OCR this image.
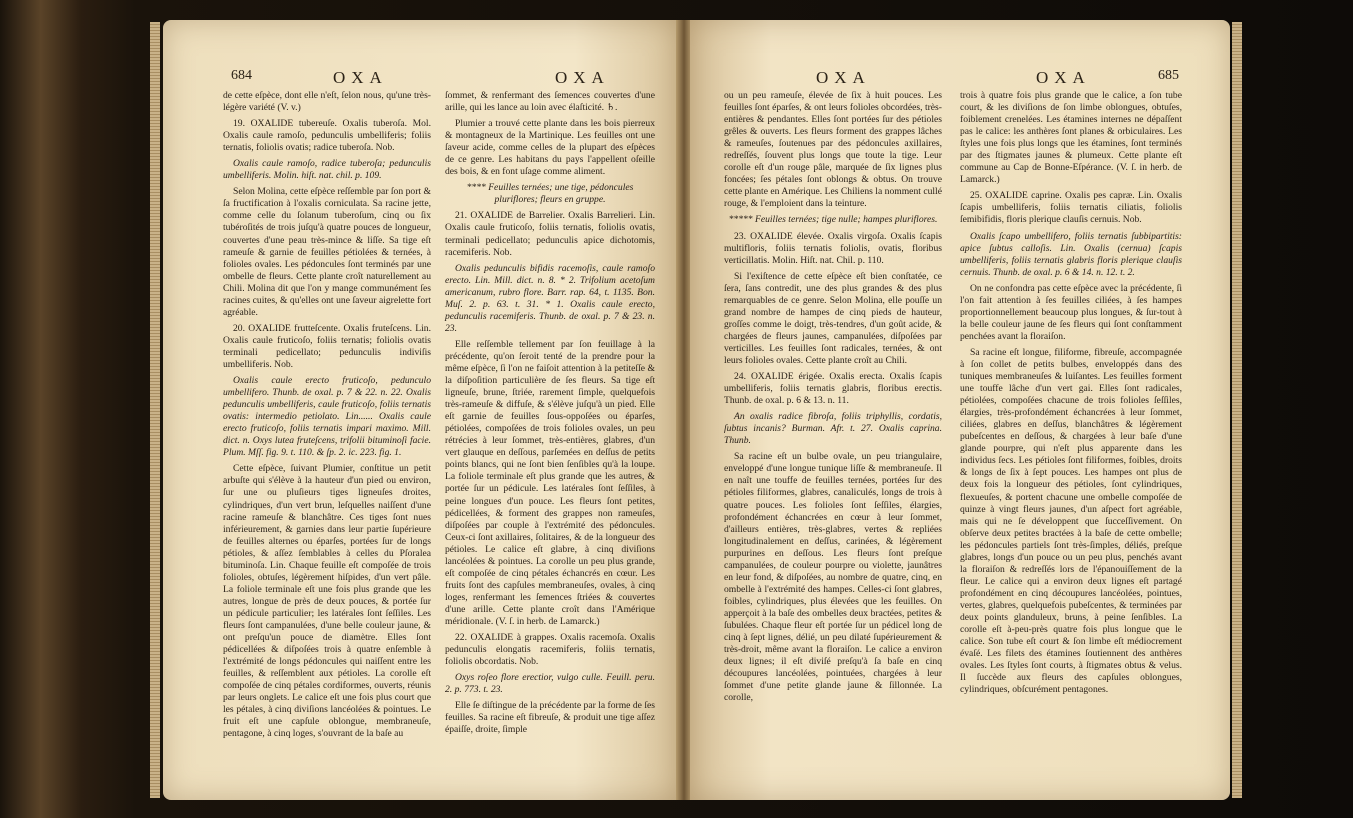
684	OXA	OXA

de cette eſpèce, dont elle n'eſt, ſelon nous, qu'une très-légère variété (V. v.)

19. OXALIDE tubereuſe. Oxalis tuberoſa. Mol. Oxalis caule ramoſo, pedunculis umbelliferis; foliis ternatis, foliolis ovatis; radice tuberoſa. Nob.

Oxalis caule ramoſo, radice tuberoſa; pedunculis umbelliferis. Molin. hiſt. nat. chil. p. 109.

Selon Molina, cette eſpèce reſſemble par ſon port & ſa fructification à l'oxalis corniculata. Sa racine jette, comme celle du ſolanum tuberoſum, cinq ou ſix tubéroſités de trois juſqu'à quatre pouces de longueur, couvertes d'une peau très-mince & liſſe. Sa tige eſt rameuſe & garnie de feuilles pétiolées & ternées, à folioles ovales. Les pédoncules ſont terminés par une ombelle de fleurs. Cette plante croît naturellement au Chili. Molina dit que l'on y mange communément ſes racines cuites, & qu'elles ont une ſaveur aigrelette fort agréable.

20. OXALIDE frutteſcente. Oxalis fruteſcens. Lin. Oxalis caule fruticoſo, foliis ternatis; foliolis ovatis terminali pedicellato; pedunculis indiviſis umbelliferis. Nob.

Oxalis caule erecto fruticoſo, pedunculo umbellifero. Thunb. de oxal. p. 7 & 22. n. 22. Oxalis pedunculis umbelliferis, caule fruticoſo, foliis ternatis ovatis: intermedio petiolato. Lin...... Oxalis caule erecto fruticoſo, foliis ternatis impari maximo. Mill. dict. n. Oxys lutea fruteſcens, trifolii bituminoſi facie. Plum. Mſſ. fig. 9. t. 110. & ſp. 2. ic. 223. fig. 1.

Cette eſpèce, ſuivant Plumier, conſtitue un petit arbuſte qui s'élève à la hauteur d'un pied ou environ, ſur une ou pluſieurs tiges ligneuſes droites, cylindriques, d'un vert brun, leſquelles naiſſent d'une racine rameuſe & blanchâtre. Ces tiges ſont nues inférieurement, & garnies dans leur partie ſupérieure de feuilles alternes ou éparſes, portées ſur de longs pétioles, & aſſez ſemblables à celles du Pſoralea bituminoſa. Lin. Chaque feuille eſt compoſée de trois folioles, obtuſes, légèrement hiſpides, d'un vert pâle. La foliole terminale eſt une fois plus grande que les autres, longue de près de deux pouces, & portée ſur un pédicule particulier; les latérales ſont ſeſſiles. Les fleurs ſont campanulées, d'une belle couleur jaune, & ont preſqu'un pouce de diamètre. Elles ſont pédicellées & diſpoſées trois à quatre enſemble à l'extrémité de longs pédoncules qui naiſſent entre les feuilles, & reſſemblent aux pétioles. La corolle eſt compoſée de cinq pétales cordiformes, ouverts, réunis par leurs onglets. Le calice eſt une fois plus court que les pétales, à cinq diviſions lancéolées & pointues. Le fruit eſt une capſule oblongue, membraneuſe, pentagone, à cinq loges, s'ouvrant de la baſe au

ſommet, & renfermant des ſemences couvertes d'une arille, qui les lance au loin avec élaſticité. ♄.

Plumier a trouvé cette plante dans les bois pierreux & montagneux de la Martinique. Les feuilles ont une ſaveur acide, comme celles de la plupart des eſpèces de ce genre. Les habitans du pays l'appellent oſeille des bois, & en font uſage comme aliment.

**** Feuilles ternées; une tige, pédoncules pluriflores; fleurs en gruppe.

21. OXALIDE de Barrelier. Oxalis Barrelieri. Lin. Oxalis caule fruticoſo, foliis ternatis, foliolis ovatis, terminali pedicellato; pedunculis apice dichotomis, racemiferis. Nob.

Oxalis pedunculis bifidis racemoſis, caule ramoſo erecto. Lin. Mill. dict. n. 8. * 2. Trifolium acetoſum americanum, rubro flore. Barr. rap. 64, t. 1135. Bon. Muſ. 2. p. 63. t. 31. * 1. Oxalis caule erecto, pedunculis racemiferis. Thunb. de oxal. p. 7 & 23. n. 23.

Elle reſſemble tellement par ſon feuillage à la précédente, qu'on ſeroit tenté de la prendre pour la même eſpèce, ſi l'on ne faiſoit attention à la petiteſſe & la diſpoſition particulière de ſes fleurs. Sa tige eſt ligneuſe, brune, ſtriée, rarement ſimple, quelquefois très-rameuſe & diffuſe, & s'élève juſqu'à un pied. Elle eſt garnie de feuilles ſous-oppoſées ou éparſes, pétiolées, compoſées de trois folioles ovales, un peu rétrécies à leur ſommet, très-entières, glabres, d'un vert glauque en deſſous, parſemées en deſſus de petits points blancs, qui ne ſont bien ſenſibles qu'à la loupe. La foliole terminale eſt plus grande que les autres, & portée ſur un pédicule. Les latérales ſont ſeſſiles, à peine longues d'un pouce. Les fleurs ſont petites, pédicellées, & forment des grappes non rameuſes, diſpoſées par couple à l'extrémité des pédoncules. Ceux-ci ſont axillaires, ſolitaires, & de la longueur des pétioles. Le calice eſt glabre, à cinq diviſions lancéolées & pointues. La corolle un peu plus grande, eſt compoſée de cinq pétales échancrés en cœur. Les fruits ſont des capſules membraneuſes, ovales, à cinq loges, renfermant les ſemences ſtriées & couvertes d'une arille. Cette plante croît dans l'Amérique méridionale. (V. ſ. in herb. de Lamarck.)

22. OXALIDE à grappes. Oxalis racemoſa. Oxalis pedunculis elongatis racemiferis, foliis ternatis, foliolis obcordatis. Nob.

Oxys roſeo flore erectior, vulgo culle. Feuill. peru. 2. p. 773. t. 23.

Elle ſe diſtingue de la précédente par la forme de ſes feuilles. Sa racine eſt fibreuſe, & produit une tige aſſez épaiſſe, droite, ſimple

OXA	OXA	685

ou un peu rameuſe, élevée de ſix à huit pouces. Les feuilles ſont éparſes, & ont leurs folioles obcordées, très-entières & pendantes. Elles ſont portées ſur des pétioles grêles & ouverts. Les fleurs forment des grappes lâches & rameuſes, ſoutenues par des pédoncules axillaires, redreſſés, ſouvent plus longs que toute la tige. Leur corolle eſt d'un rouge pâle, marquée de ſix lignes plus foncées; ſes pétales ſont oblongs & obtus. On trouve cette plante en Amérique. Les Chiliens la nomment cullé rouge, & l'emploient dans la teinture.

***** Feuilles ternées; tige nulle; hampes pluriflores.

23. OXALIDE élevée. Oxalis virgoſa. Oxalis ſcapis multifloris, foliis ternatis foliolis, ovatis, floribus verticillatis. Molin. Hiſt. nat. Chil. p. 110.

Si l'exiſtence de cette eſpèce eſt bien conſtatée, ce ſera, ſans contredit, une des plus grandes & des plus remarquables de ce genre. Selon Molina, elle pouſſe un grand nombre de hampes de cinq pieds de hauteur, groſſes comme le doigt, très-tendres, d'un goût acide, & chargées de fleurs jaunes, campanulées, diſpoſées par verticilles. Les feuilles ſont radicales, ternées, & ont leurs folioles ovales. Cette plante croît au Chili.

24. OXALIDE érigée. Oxalis erecta. Oxalis ſcapis umbelliferis, foliis ternatis glabris, floribus erectis. Thunb. de oxal. p. 6 & 13. n. 11.

An oxalis radice fibroſa, foliis triphyllis, cordatis, ſubtus incanis? Burman. Afr. t. 27. Oxalis caprina. Thunb.

Sa racine eſt un bulbe ovale, un peu triangulaire, enveloppé d'une longue tunique liſſe & membraneuſe. Il en naît une touffe de feuilles ternées, portées ſur des pétioles filiformes, glabres, canaliculés, longs de trois à quatre pouces. Les folioles ſont ſeſſiles, élargies, profondément échancrées en cœur à leur ſommet, d'ailleurs entières, très-glabres, vertes & repliées longitudinalement en deſſus, carinées, & légèrement purpurines en deſſous. Les fleurs ſont preſque campanulées, de couleur pourpre ou violette, jaunâtres en leur fond, & diſpoſées, au nombre de quatre, cinq, en ombelle à l'extrémité des hampes. Celles-ci ſont glabres, foibles, cylindriques, plus élevées que les feuilles. On apperçoit à la baſe des ombelles deux bractées, petites & ſubulées. Chaque fleur eſt portée ſur un pédicel long de cinq à ſept lignes, délié, un peu dilaté ſupérieurement & très-droit, même avant la floraiſon. Le calice a environ deux lignes; il eſt diviſé preſqu'à ſa baſe en cinq découpures lancéolées, pointuées, chargées à leur ſommet d'une petite glande jaune & ſillonnée. La corolle,

trois à quatre fois plus grande que le calice, a ſon tube court, & les diviſions de ſon limbe oblongues, obtuſes, foiblement crenelées. Les étamines internes ne dépaſſent pas le calice: les anthères ſont planes & orbiculaires. Les ſtyles une fois plus longs que les étamines, ſont terminés par des ſtigmates jaunes & plumeux. Cette plante eſt commune au Cap de Bonne-Eſpérance. (V. ſ. in herb. de Lamarck.)

25. OXALIDE caprine. Oxalis pes capræ. Lin. Oxalis ſcapis umbelliferis, foliis ternatis ciliatis, foliolis ſemibifidis, floris plerique clauſis cernuis. Nob.

Oxalis ſcapo umbellifero, foliis ternatis ſubbipartitis: apice ſubtus calloſis. Lin. Oxalis (cernua) ſcapis umbelliferis, foliis ternatis glabris floris plerique clauſis cernuis. Thunb. de oxal. p. 6 & 14. n. 12. t. 2.

On ne confondra pas cette eſpèce avec la précédente, ſi l'on fait attention à ſes feuilles ciliées, à ſes hampes proportionnellement beaucoup plus longues, & ſur-tout à la belle couleur jaune de ſes fleurs qui ſont conſtamment penchées avant la floraiſon.

Sa racine eſt longue, filiforme, fibreuſe, accompagnée à ſon collet de petits bulbes, enveloppés dans des tuniques membraneuſes & luiſantes. Les feuilles forment une touffe lâche d'un vert gai. Elles ſont radicales, pétiolées, compoſées chacune de trois folioles ſeſſiles, élargies, très-profondément échancrées à leur ſommet, ciliées, glabres en deſſus, blanchâtres & légèrement pubeſcentes en deſſous, & chargées à leur baſe d'une glande pourpre, qui n'eſt plus apparente dans les individus ſecs. Les pétioles ſont filiformes, foibles, droits & longs de ſix à ſept pouces. Les hampes ont plus de deux fois la longueur des pétioles, ſont cylindriques, flexueuſes, & portent chacune une ombelle compoſée de quinze à vingt fleurs jaunes, d'un aſpect fort agréable, mais qui ne ſe développent que ſucceſſivement. On obſerve deux petites bractées à la baſe de cette ombelle; les pédoncules partiels ſont très-ſimples, déliés, preſque glabres, longs d'un pouce ou un peu plus, penchés avant la floraiſon & redreſſés lors de l'épanouiſſement de la fleur. Le calice qui a environ deux lignes eſt partagé profondément en cinq découpures lancéolées, pointues, vertes, glabres, quelquefois pubeſcentes, & terminées par deux points glanduleux, bruns, à peine ſenſibles. La corolle eſt à-peu-près quatre fois plus longue que le calice. Son tube eſt court & ſon limbe eſt médiocrement évaſé. Les filets des étamines ſoutiennent des anthères ovales. Les ſtyles ſont courts, à ſtigmates obtus & velus. Il ſuccède aux fleurs des capſules oblongues, cylindriques, obſcurément pentagones.
